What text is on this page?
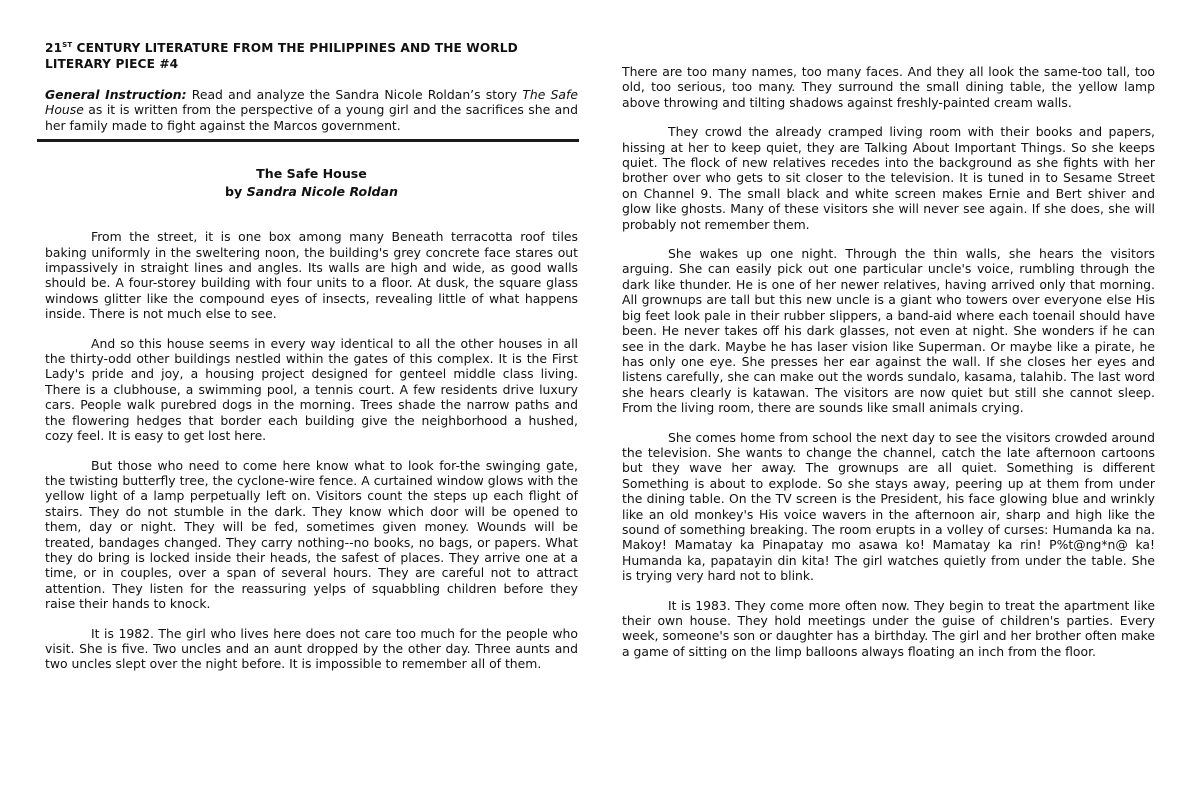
21ST CENTURY LITERATURE FROM THE PHILIPPINES AND THE WORLD
LITERARY PIECE #4
General Instruction: Read and analyze the Sandra Nicole Roldan’s story The Safe House as it is written from the perspective of a young girl and the sacrifices she and her family made to fight against the Marcos government.
The Safe House
by Sandra Nicole Roldan

From the street, it is one box among many Beneath terracotta roof tiles baking uniformly in the sweltering noon, the building's grey concrete face stares out impassively in straight lines and angles. Its walls are high and wide, as good walls should be. A four-storey building with four units to a floor. At dusk, the square glass windows glitter like the compound eyes of insects, revealing little of what happens inside. There is not much else to see.

And so this house seems in every way identical to all the other houses in all the thirty-odd other buildings nestled within the gates of this complex. It is the First Lady's pride and joy, a housing project designed for genteel middle class living. There is a clubhouse, a swimming pool, a tennis court. A few residents drive luxury cars. People walk purebred dogs in the morning. Trees shade the narrow paths and the flowering hedges that border each building give the neighborhood a hushed, cozy feel. It is easy to get lost here.

But those who need to come here know what to look for-the swinging gate, the twisting butterfly tree, the cyclone-wire fence. A curtained window glows with the yellow light of a lamp perpetually left on. Visitors count the steps up each flight of stairs. They do not stumble in the dark. They know which door will be opened to them, day or night. They will be fed, sometimes given money. Wounds will be treated, bandages changed. They carry nothing--no books, no bags, or papers. What they do bring is locked inside their heads, the safest of places. They arrive one at a time, or in couples, over a span of several hours. They are careful not to attract attention. They listen for the reassuring yelps of squabbling children before they raise their hands to knock.

It is 1982. The girl who lives here does not care too much for the people who visit. She is five. Two uncles and an aunt dropped by the other day. Three aunts and two uncles slept over the night before. It is impossible to remember all of them.

There are too many names, too many faces. And they all look the same-too tall, too old, too serious, too many. They surround the small dining table, the yellow lamp above throwing and tilting shadows against freshly-painted cream walls.

They crowd the already cramped living room with their books and papers, hissing at her to keep quiet, they are Talking About Important Things. So she keeps quiet. The flock of new relatives recedes into the background as she fights with her brother over who gets to sit closer to the television. It is tuned in to Sesame Street on Channel 9. The small black and white screen makes Ernie and Bert shiver and glow like ghosts. Many of these visitors she will never see again. If she does, she will probably not remember them.

She wakes up one night. Through the thin walls, she hears the visitors arguing. She can easily pick out one particular uncle's voice, rumbling through the dark like thunder. He is one of her newer relatives, having arrived only that morning. All grownups are tall but this new uncle is a giant who towers over everyone else His big feet look pale in their rubber slippers, a band-aid where each toenail should have been. He never takes off his dark glasses, not even at night. She wonders if he can see in the dark. Maybe he has laser vision like Superman. Or maybe like a pirate, he has only one eye. She presses her ear against the wall. If she closes her eyes and listens carefully, she can make out the words sundalo, kasama, talahib. The last word she hears clearly is katawan. The visitors are now quiet but still she cannot sleep. From the living room, there are sounds like small animals crying.

She comes home from school the next day to see the visitors crowded around the television. She wants to change the channel, catch the late afternoon cartoons but they wave her away. The grownups are all quiet. Something is different Something is about to explode. So she stays away, peering up at them from under the dining table. On the TV screen is the President, his face glowing blue and wrinkly like an old monkey's His voice wavers in the afternoon air, sharp and high like the sound of something breaking. The room erupts in a volley of curses: Humanda ka na. Makoy! Mamatay ka Pinapatay mo asawa ko! Mamatay ka rin! P%t@ng*n@ ka! Humanda ka, papatayin din kita! The girl watches quietly from under the table. She is trying very hard not to blink.

It is 1983. They come more often now. They begin to treat the apartment like their own house. They hold meetings under the guise of children's parties. Every week, someone's son or daughter has a birthday. The girl and her brother often make a game of sitting on the limp balloons always floating an inch from the floor.
